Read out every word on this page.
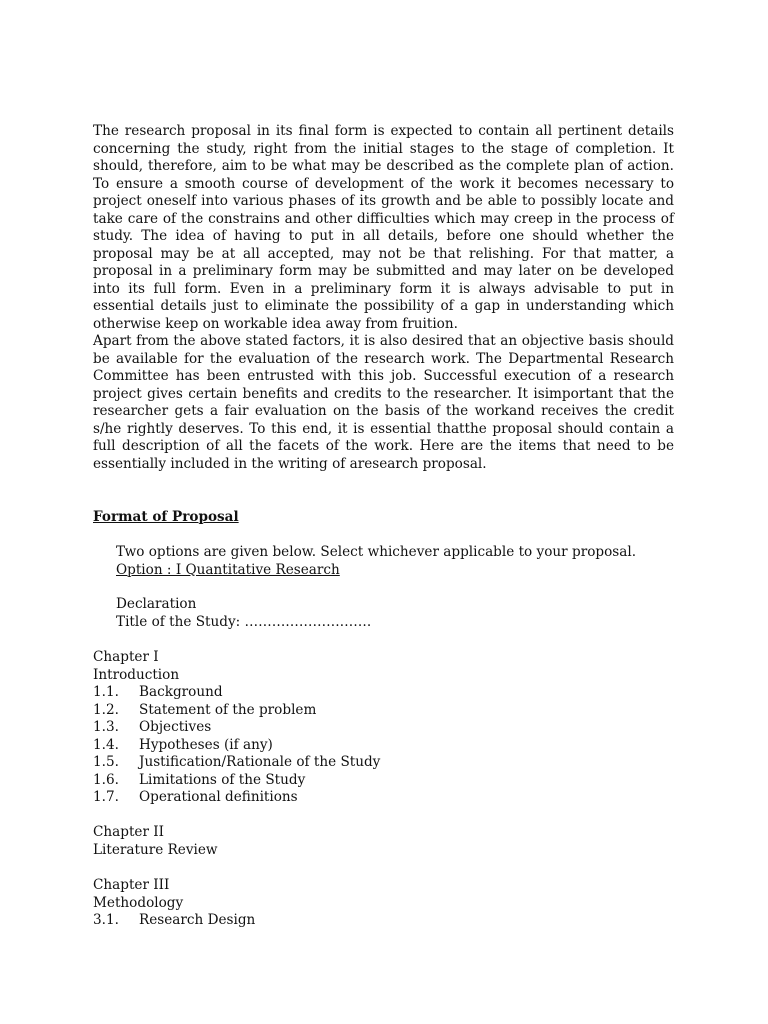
The research proposal in its final form is expected to contain all pertinent details concerning the study, right from the initial stages to the stage of completion. It should, therefore, aim to be what may be described as the complete plan of action. To ensure a smooth course of development of the work it becomes necessary to project oneself into various phases of its growth and be able to possibly locate and take care of the constrains and other difficulties which may creep in the process of study. The idea of having to put in all details, before one should whether the proposal may be at all accepted, may not be that relishing. For that matter, a proposal in a preliminary form may be submitted and may later on be developed into its full form. Even in a preliminary form it is always advisable to put in essential details just to eliminate the possibility of a gap in understanding which otherwise keep on workable idea away from fruition.

Apart from the above stated factors, it is also desired that an objective basis should be available for the evaluation of the research work. The Departmental Research Committee has been entrusted with this job. Successful execution of a research project gives certain benefits and credits to the researcher. It isimportant that the researcher gets a fair evaluation on the basis of the workand receives the credit s/he rightly deserves. To this end, it is essential thatthe proposal should contain a full description of all the facets of the work. Here are the items that need to be essentially included in the writing of aresearch proposal.

Format of Proposal

Two options are given below. Select whichever applicable to your proposal.
Option : I Quantitative Research
Declaration
Title of the Study: ……………………….
Chapter I
Introduction
1.1.	Background
1.2.	Statement of the problem
1.3.	Objectives
1.4.	Hypotheses (if any)
1.5.	Justification/Rationale of the Study
1.6.	Limitations of the Study
1.7.	Operational definitions
Chapter II
Literature Review
Chapter III
Methodology
3.1.	Research Design
